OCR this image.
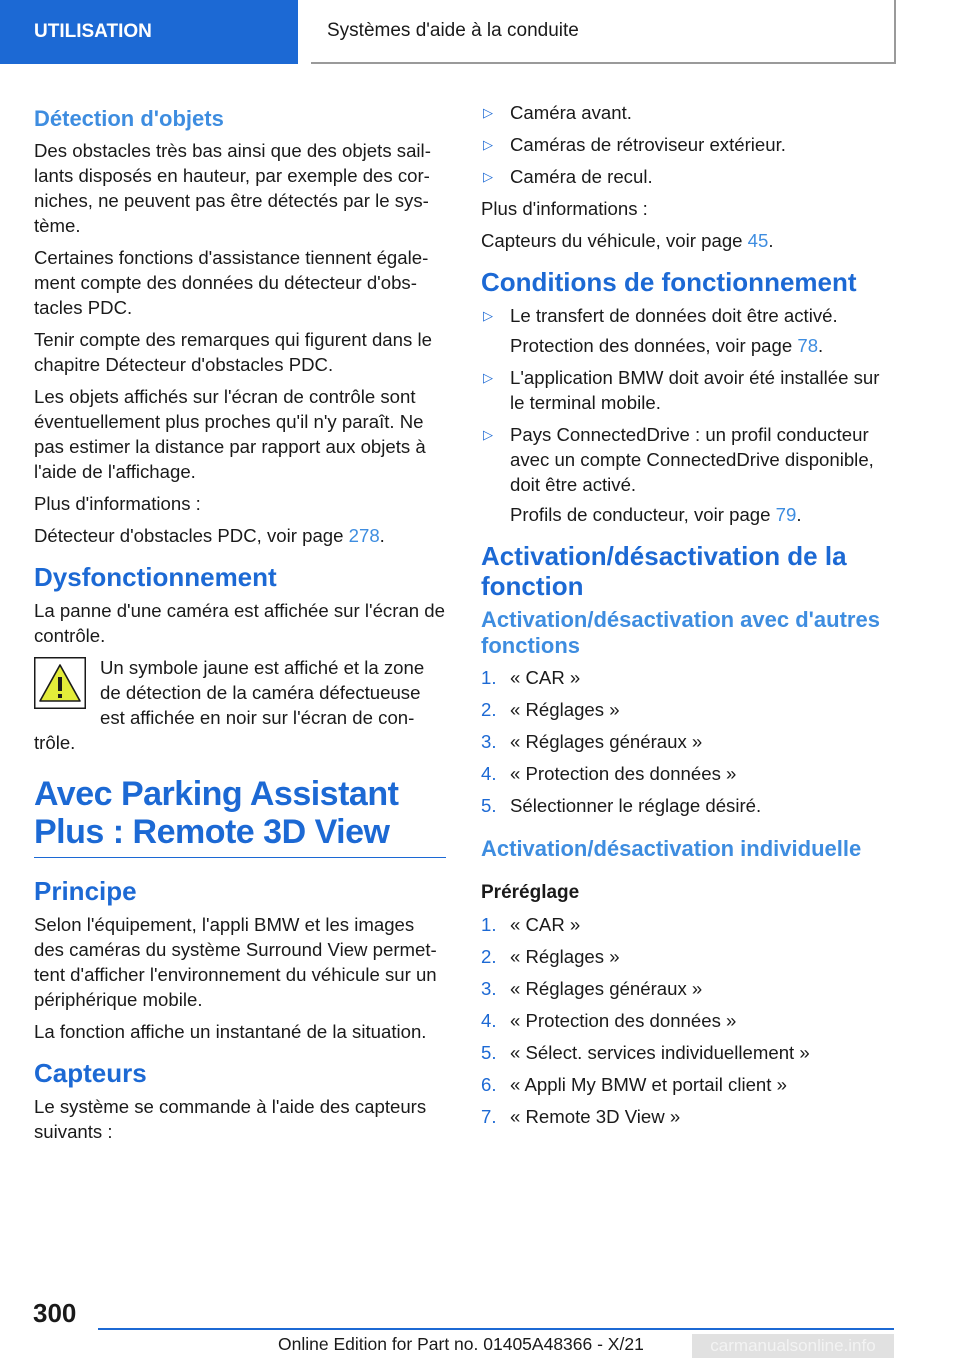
UTILISATION	Systèmes d'aide à la conduite
Détection d'objets

Des obstacles très bas ainsi que des objets saillants disposés en hauteur, par exemple des corniches, ne peuvent pas être détectés par le système.

Certaines fonctions d'assistance tiennent également compte des données du détecteur d'obstacles PDC.

Tenir compte des remarques qui figurent dans le chapitre Détecteur d'obstacles PDC.

Les objets affichés sur l'écran de contrôle sont éventuellement plus proches qu'il n'y paraît. Ne pas estimer la distance par rapport aux objets à l'aide de l'affichage.

Plus d'informations :

Détecteur d'obstacles PDC, voir page 278.

Dysfonctionnement

La panne d'une caméra est affichée sur l'écran de contrôle.

Un symbole jaune est affiché et la zone de détection de la caméra défectueuse est affichée en noir sur l'écran de contrôle.
Avec Parking Assistant Plus : Remote 3D View
Principe

Selon l'équipement, l'appli BMW et les images des caméras du système Surround View permettent d'afficher l'environnement du véhicule sur un périphérique mobile.

La fonction affiche un instantané de la situation.

Capteurs

Le système se commande à l'aide des capteurs suivants :

▷ Caméra avant.
▷ Caméras de rétroviseur extérieur.
▷ Caméra de recul.

Plus d'informations :

Capteurs du véhicule, voir page 45.

Conditions de fonctionnement
▷ Le transfert de données doit être activé.

Protection des données, voir page 78.

▷ L'application BMW doit avoir été installée sur le terminal mobile.
▷ Pays ConnectedDrive : un profil conducteur avec un compte ConnectedDrive disponible, doit être activé.

Profils de conducteur, voir page 79.

Activation/désactivation de la fonction
Activation/désactivation avec d'autres fonctions
1. « CAR »
2. « Réglages »
3. « Réglages généraux »
4. « Protection des données »
5. Sélectionner le réglage désiré.
Activation/désactivation individuelle
Préréglage
1. « CAR »
2. « Réglages »
3. « Réglages généraux »
4. « Protection des données »
5. « Sélect. services individuellement »
6. « Appli My BMW et portail client »
7. « Remote 3D View »
300
Online Edition for Part no. 01405A48366 - X/21	carmanualsonline.info
